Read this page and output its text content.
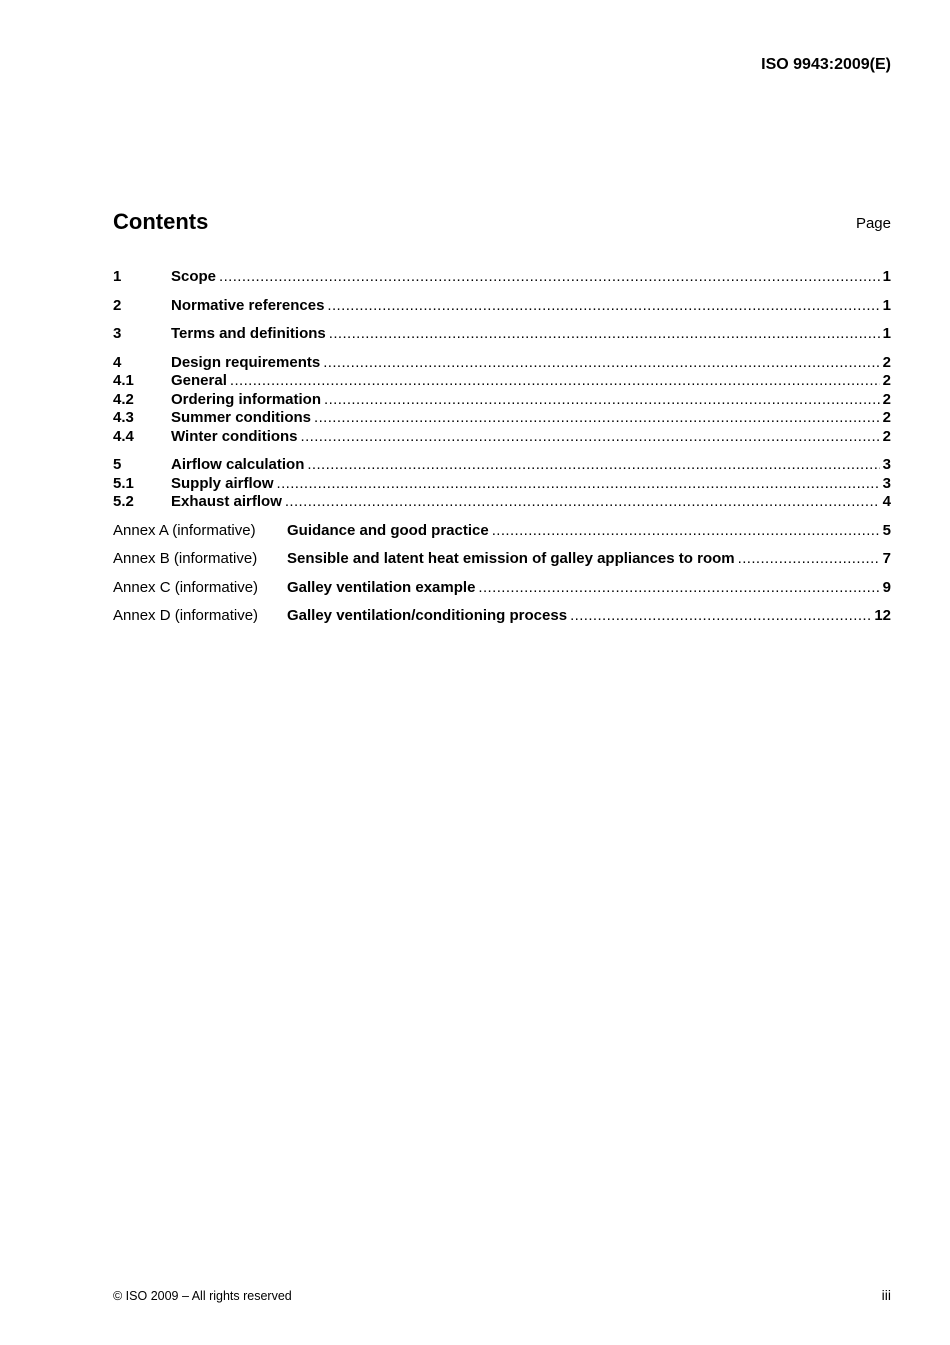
ISO 9943:2009(E)
Contents	Page
1	Scope .....	1
2	Normative references .....	1
3	Terms and definitions .....	1
4	Design requirements .....	2
4.1	General .....	2
4.2	Ordering information .....	2
4.3	Summer conditions .....	2
4.4	Winter conditions .....	2
5	Airflow calculation .....	3
5.1	Supply airflow .....	3
5.2	Exhaust airflow .....	4
Annex A (informative)	Guidance and good practice .....	5
Annex B (informative)	Sensible and latent heat emission of galley appliances to room .....	7
Annex C (informative)	Galley ventilation example .....	9
Annex D (informative)	Galley ventilation/conditioning process .....	12
© ISO 2009 – All rights reserved	iii
